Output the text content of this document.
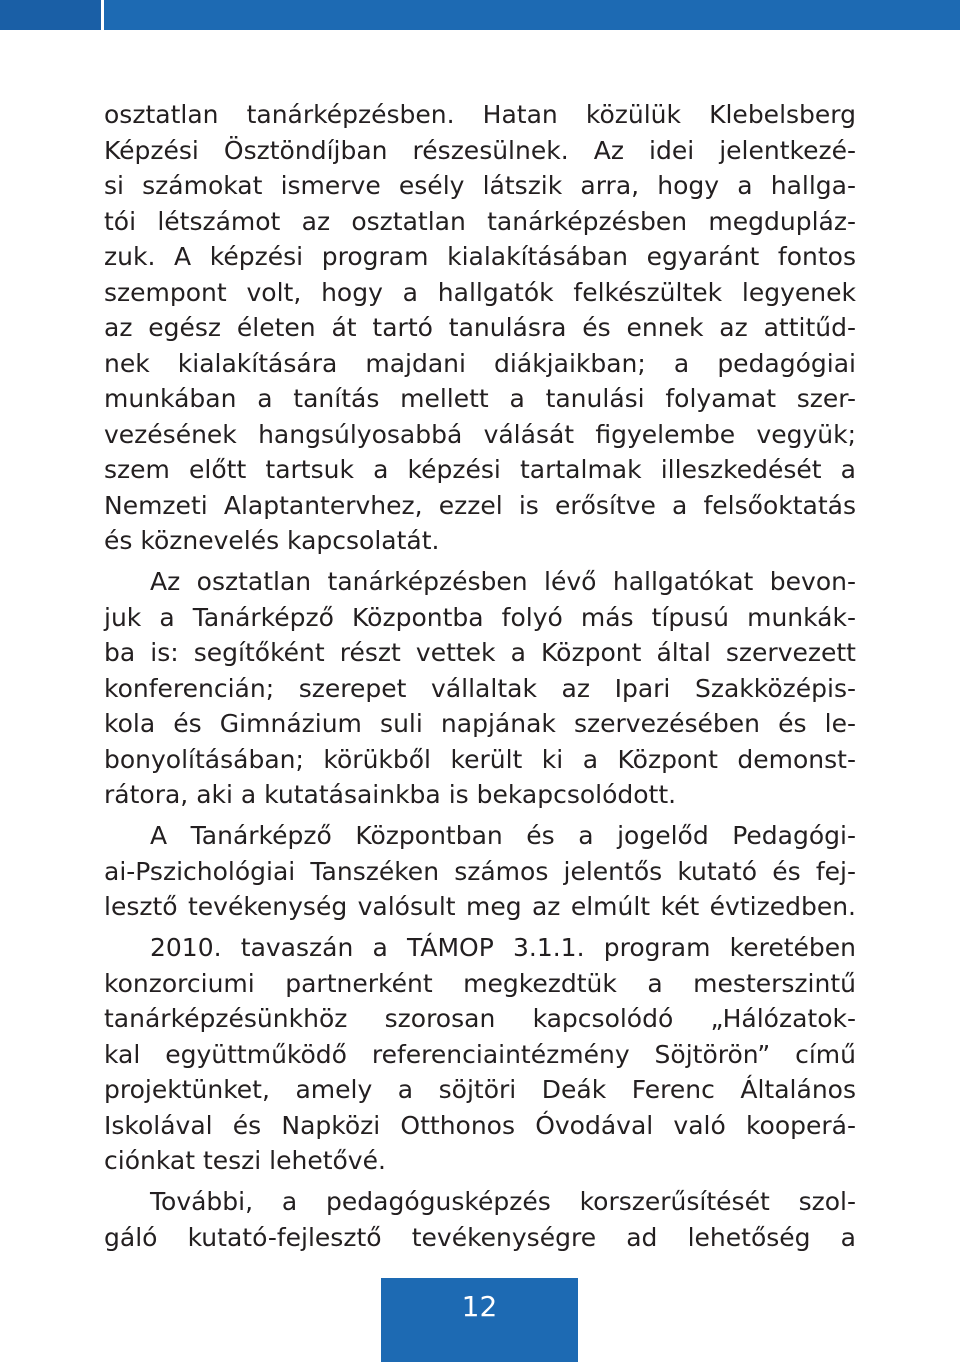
osztatlan tanárképzésben. Hatan közülük Klebelsberg
Képzési Ösztöndíjban részesülnek. Az idei jelentkezé-
si számokat ismerve esély látszik arra, hogy a hallga-
tói létszámot az osztatlan tanárképzésben megdupláz-
zuk. A képzési program kialakításában egyaránt fontos
szempont volt, hogy a hallgatók felkészültek legyenek
az egész életen át tartó tanulásra és ennek az attitűd-
nek kialakítására majdani diákjaikban; a pedagógiai
munkában a tanítás mellett a tanulási folyamat szer-
vezésének hangsúlyosabbá válását figyelembe vegyük;
szem előtt tartsuk a képzési tartalmak illeszkedését a
Nemzeti Alaptantervhez, ezzel is erősítve a felsőoktatás
és köznevelés kapcsolatát.
Az osztatlan tanárképzésben lévő hallgatókat bevon-
juk a Tanárképző Központba folyó más típusú munkák-
ba is: segítőként részt vettek a Központ által szervezett
konferencián; szerepet vállaltak az Ipari Szakközépis-
kola és Gimnázium suli napjának szervezésében és le-
bonyolításában; körükből került ki a Központ demonst-
rátora, aki a kutatásainkba is bekapcsolódott.
A Tanárképző Központban és a jogelőd Pedagógi-
ai-Pszichológiai Tanszéken számos jelentős kutató és fej-
lesztő tevékenység valósult meg az elmúlt két évtizedben.
2010. tavaszán a TÁMOP 3.1.1. program keretében
konzorciumi partnerként megkezdtük a mesterszintű
tanárképzésünkhöz szorosan kapcsolódó „Hálózatok-
kal együttműködő referenciaintézmény Söjtörön” című
projektünket, amely a söjtöri Deák Ferenc Általános
Iskolával és Napközi Otthonos Óvodával való kooperá-
ciónkat teszi lehetővé.
További, a pedagógusképzés korszerűsítését szol-
gáló kutató-fejlesztő tevékenységre ad lehetőség a
12
